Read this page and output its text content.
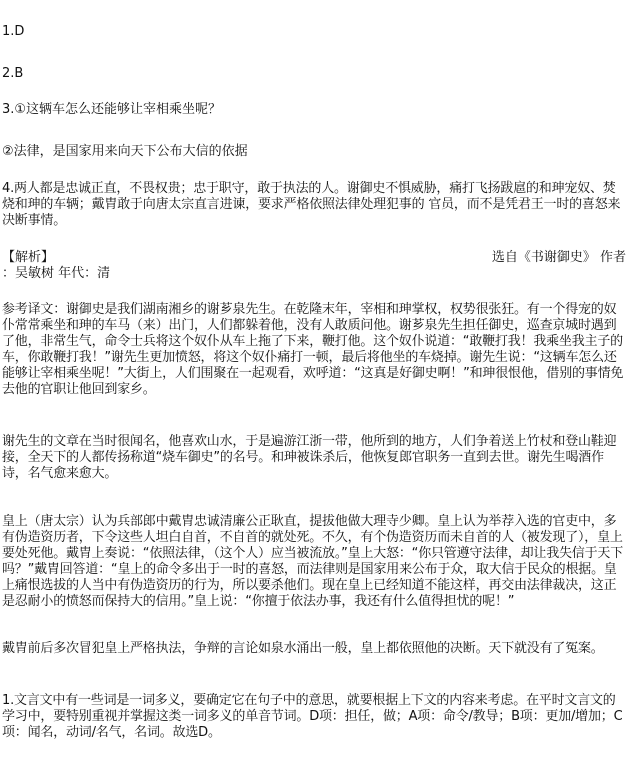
1.D

2.B

3.①这辆车怎么还能够让宰相乘坐呢？

②法律，是国家用来向天下公布大信的依据

4.两人都是忠诚正直，不畏权贵；忠于职守，敢于执法的人。谢御史不惧威胁，痛打飞扬跋扈的和珅宠奴、焚烧和珅的车辆；戴胄敢于向唐太宗直言进谏，要求严格依照法律处理犯事的 官员，而不是凭君王一时的喜怒来决断事情。

【解析】	选自《书谢御史》 作者

：吴敏树 年代：清

参考译文：谢御史是我们湖南湘乡的谢芗泉先生。在乾隆末年，宰相和珅掌权，权势很张狂。有一个得宠的奴仆常常乘坐和珅的车马（来）出门，人们都躲着他，没有人敢质问他。谢芗泉先生担任御史，巡查京城时遇到了他，非常生气，命令士兵将这个奴仆从车上拖了下来，鞭打他。这个奴仆说道：“敢鞭打我！我乘坐我主子的车，你敢鞭打我！”谢先生更加愤怒，将这个奴仆痛打一顿，最后将他坐的车烧掉。谢先生说：“这辆车怎么还能够让宰相乘坐呢！”大街上，人们围聚在一起观看，欢呼道：“这真是好御史啊！”和珅很恨他，借别的事情免去他的官职让他回到家乡。

谢先生的文章在当时很闻名，他喜欢山水，于是遍游江浙一带，他所到的地方，人们争着送上竹杖和登山鞋迎接，全天下的人都传扬称道“烧车御史”的名号。和珅被诛杀后，他恢复郎官职务一直到去世。谢先生喝酒作诗，名气愈来愈大。

皇上（唐太宗）认为兵部郎中戴胄忠诚清廉公正耿直，提拔他做大理寺少卿。皇上认为举荐入选的官吏中，多有伪造资历者，下令这些人坦白自首，不自首的就处死。不久，有个伪造资历而未自首的人（被发现了），皇上要处死他。戴胄上奏说：“依照法律，（这个人）应当被流放。”皇上大怒：“你只管遵守法律，却让我失信于天下吗？”戴胄回答道：“皇上的命令多出于一时的喜怒，而法律则是国家用来公布于众，取大信于民众的根据。皇上痛恨选拔的人当中有伪造资历的行为，所以要杀他们。现在皇上已经知道不能这样，再交由法律裁决，这正是忍耐小的愤怒而保持大的信用。”皇上说：“你擅于依法办事，我还有什么值得担忧的呢！”

戴胄前后多次冒犯皇上严格执法，争辩的言论如泉水涌出一般，皇上都依照他的决断。天下就没有了冤案。

1.文言文中有一些词是一词多义，要确定它在句子中的意思，就要根据上下文的内容来考虑。在平时文言文的学习中，要特别重视并掌握这类一词多义的单音节词。D项：担任，做；A项：命令/教导；B项：更加/增加；C项：闻名，动词/名气，名词。故选D。
